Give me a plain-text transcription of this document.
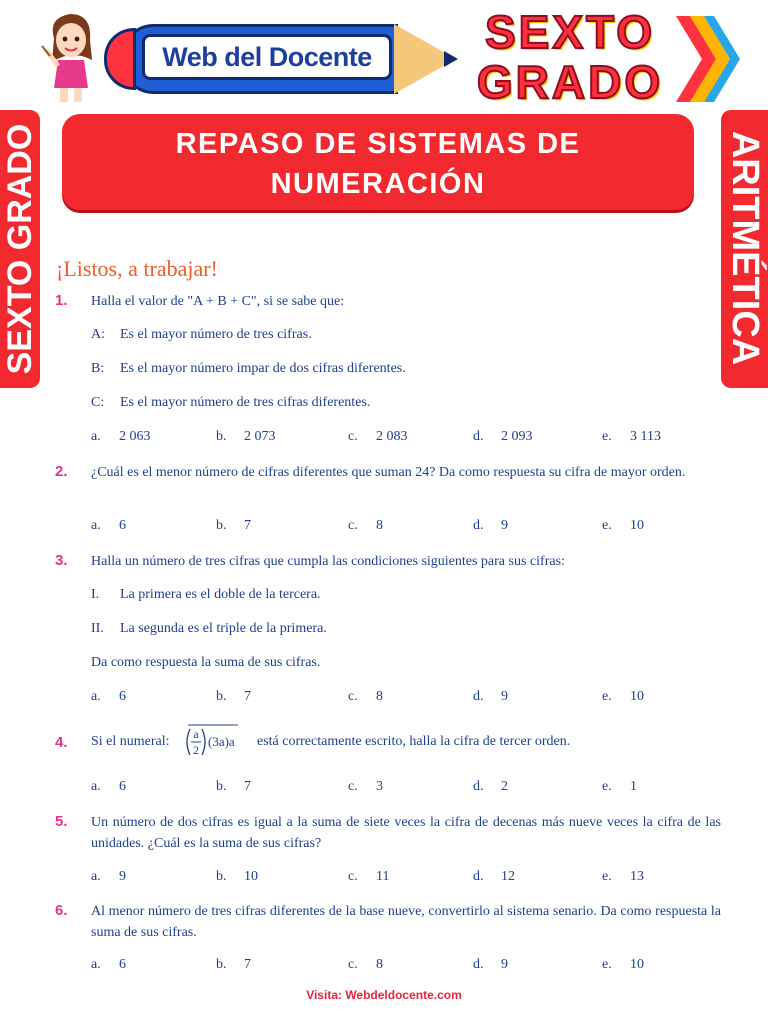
Web del Docente	SEXTO
GRADO
REPASO DE SISTEMAS DE
NUMERACIÓN
SEXTO GRADO	ARITMÉTICA
¡Listos, a trabajar!
1. Halla el valor de "A + B + C", si se sabe que:
A: Es el mayor número de tres cifras.
B: Es el mayor número impar de dos cifras diferentes.
C: Es el mayor número de tres cifras diferentes.
a. 2 063	b. 2 073	c. 2 083	d. 2 093	e. 3 113
2. ¿Cuál es el menor número de cifras diferentes que suman 24? Da como respuesta su cifra de mayor orden.
a. 6	b. 7	c. 8	d. 9	e. 10
3. Halla un número de tres cifras que cumpla las condiciones siguientes para sus cifras:
I. La primera es el doble de la tercera.
II. La segunda es el triple de la primera.
Da como respuesta la suma de sus cifras.
a. 6	b. 7	c. 8	d. 9	e. 10
4. Si el numeral: a
2
(3a)a está correctamente escrito, halla la cifra de tercer orden.
a. 6	b. 7	c. 3	d. 2	e. 1
5. Un número de dos cifras es igual a la suma de siete veces la cifra de decenas más nueve veces la cifra de las unidades. ¿Cuál es la suma de sus cifras?
a. 9	b. 10	c. 11	d. 12	e. 13
6. Al menor número de tres cifras diferentes de la base nueve, convertirlo al sistema senario. Da como respuesta la suma de sus cifras.
a. 6	b. 7	c. 8	d. 9	e. 10
Visita: Webdeldocente.com
